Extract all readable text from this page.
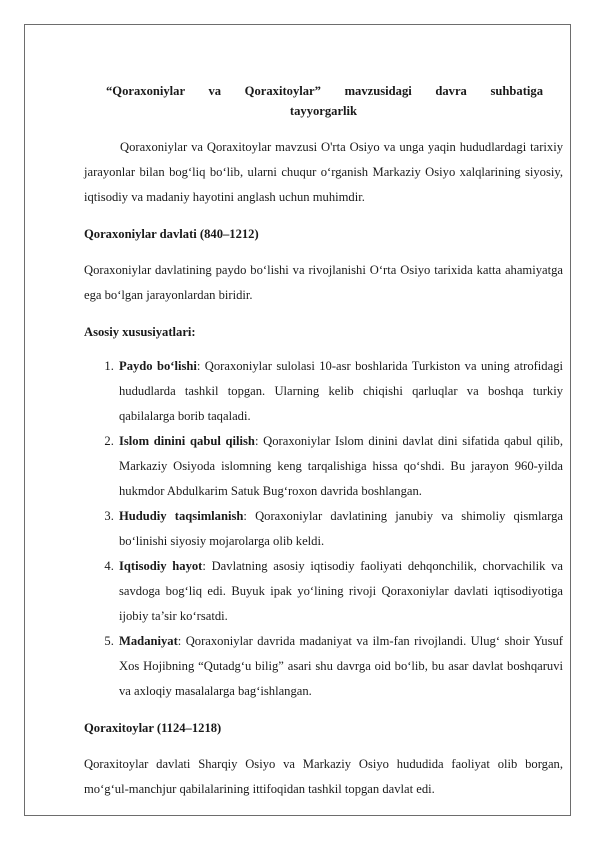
“Qoraxoniylar va Qoraxitoylar” mavzusidagi davra suhbatiga
tayyorgarlik

Qoraxoniylar va Qoraxitoylar mavzusi O'rta Osiyo va unga yaqin hududlardagi tarixiy jarayonlar bilan bog‘liq bo‘lib, ularni chuqur o‘rganish Markaziy Osiyo xalqlarining siyosiy, iqtisodiy va madaniy hayotini anglash uchun muhimdir.

Qoraxoniylar davlati (840–1212)

Qoraxoniylar davlatining paydo bo‘lishi va rivojlanishi O‘rta Osiyo tarixida katta ahamiyatga ega bo‘lgan jarayonlardan biridir.

Asosiy xususiyatlari:

1. Paydo bo‘lishi: Qoraxoniylar sulolasi 10-asr boshlarida Turkiston va uning atrofidagi hududlarda tashkil topgan. Ularning kelib chiqishi qarluqlar va boshqa turkiy qabilalarga borib taqaladi.
2. Islom dinini qabul qilish: Qoraxoniylar Islom dinini davlat dini sifatida qabul qilib, Markaziy Osiyoda islomning keng tarqalishiga hissa qo‘shdi. Bu jarayon 960-yilda hukmdor Abdulkarim Satuk Bug‘roxon davrida boshlangan.
3. Hududiy taqsimlanish: Qoraxoniylar davlatining janubiy va shimoliy qismlarga bo‘linishi siyosiy mojarolarga olib keldi.
4. Iqtisodiy hayot: Davlatning asosiy iqtisodiy faoliyati dehqonchilik, chorvachilik va savdoga bog‘liq edi. Buyuk ipak yo‘lining rivoji Qoraxoniylar davlati iqtisodiyotiga ijobiy ta’sir ko‘rsatdi.
5. Madaniyat: Qoraxoniylar davrida madaniyat va ilm-fan rivojlandi. Ulug‘ shoir Yusuf Xos Hojibning “Qutadg‘u bilig” asari shu davrga oid bo‘lib, bu asar davlat boshqaruvi va axloqiy masalalarga bag‘ishlangan.

Qoraxitoylar (1124–1218)

Qoraxitoylar davlati Sharqiy Osiyo va Markaziy Osiyo hududida faoliyat olib borgan, mo‘g‘ul-manchjur qabilalarining ittifoqidan tashkil topgan davlat edi.
